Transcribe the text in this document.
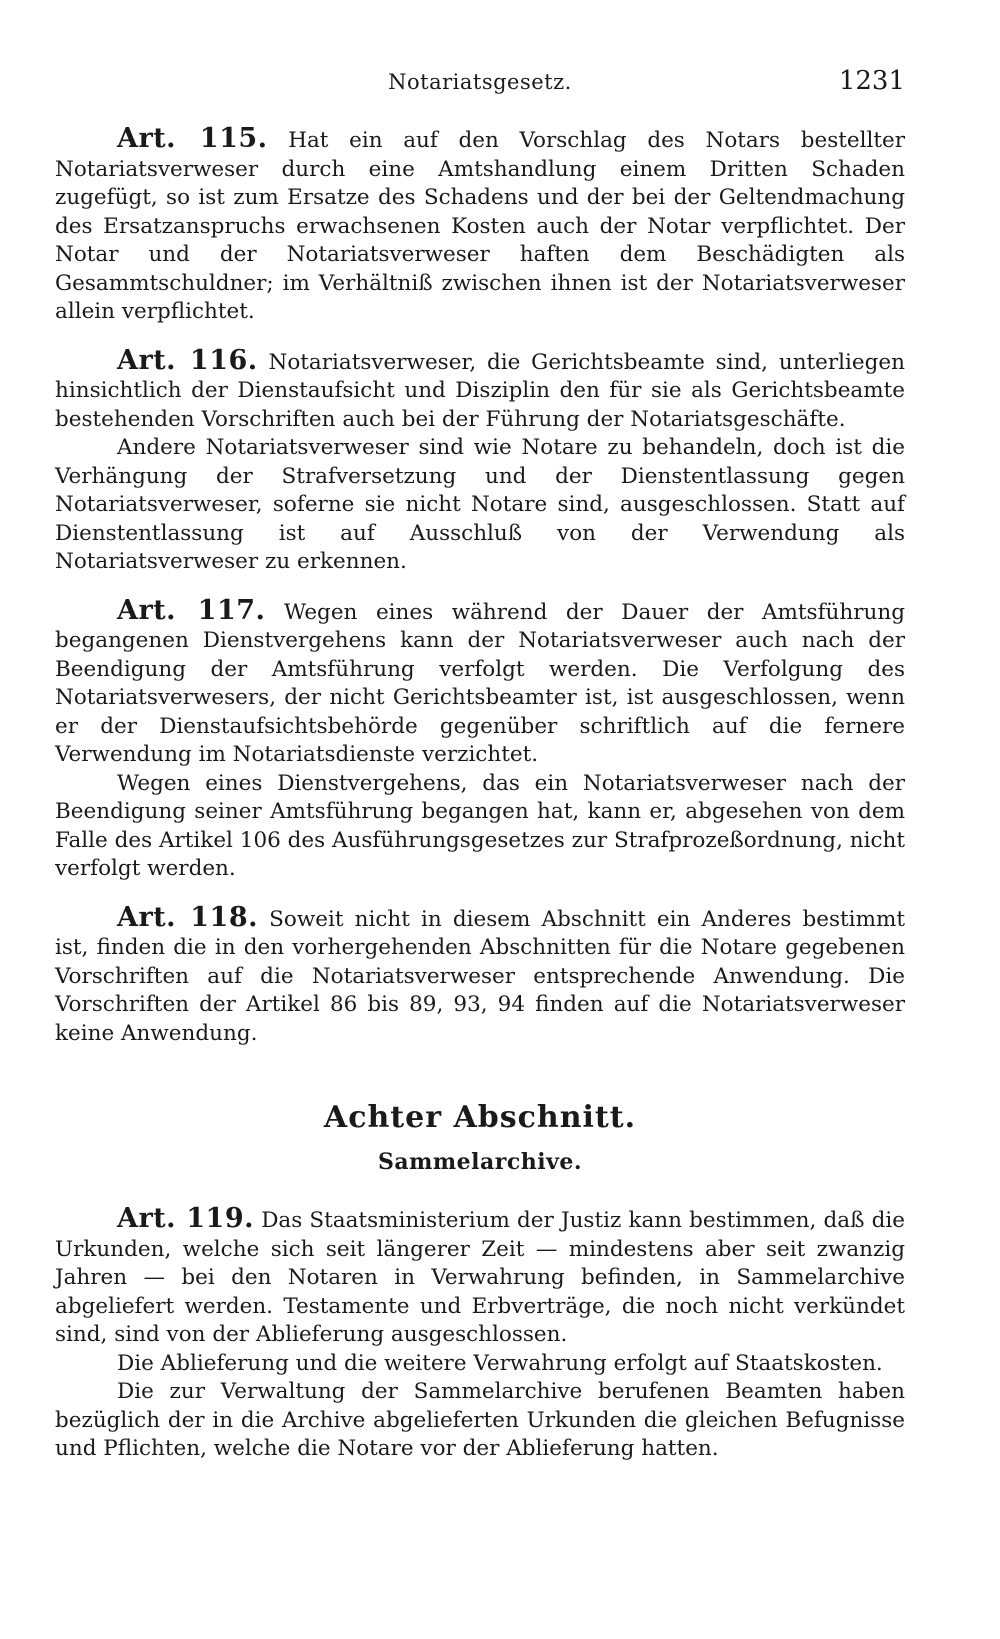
Notariatsgesetz.	1231

Art. 115. Hat ein auf den Vorschlag des Notars bestellter Notariatsverweser durch eine Amtshandlung einem Dritten Schaden zugefügt, so ist zum Ersatze des Schadens und der bei der Geltendmachung des Ersatzanspruchs erwachsenen Kosten auch der Notar verpflichtet. Der Notar und der Notariatsverweser haften dem Beschädigten als Gesammtschuldner; im Verhältniß zwischen ihnen ist der Notariatsverweser allein verpflichtet.

Art. 116. Notariatsverweser, die Gerichtsbeamte sind, unterliegen hinsichtlich der Dienstaufsicht und Disziplin den für sie als Gerichtsbeamte bestehenden Vorschriften auch bei der Führung der Notariatsgeschäfte.

Andere Notariatsverweser sind wie Notare zu behandeln, doch ist die Verhängung der Strafversetzung und der Dienstentlassung gegen Notariatsverweser, soferne sie nicht Notare sind, ausgeschlossen. Statt auf Dienstentlassung ist auf Ausschluß von der Verwendung als Notariatsverweser zu erkennen.

Art. 117. Wegen eines während der Dauer der Amtsführung begangenen Dienstvergehens kann der Notariatsverweser auch nach der Beendigung der Amtsführung verfolgt werden. Die Verfolgung des Notariatsverwesers, der nicht Gerichtsbeamter ist, ist ausgeschlossen, wenn er der Dienstaufsichtsbehörde gegenüber schriftlich auf die fernere Verwendung im Notariatsdienste verzichtet.

Wegen eines Dienstvergehens, das ein Notariatsverweser nach der Beendigung seiner Amtsführung begangen hat, kann er, abgesehen von dem Falle des Artikel 106 des Ausführungsgesetzes zur Strafprozeßordnung, nicht verfolgt werden.

Art. 118. Soweit nicht in diesem Abschnitt ein Anderes bestimmt ist, finden die in den vorhergehenden Abschnitten für die Notare gegebenen Vorschriften auf die Notariatsverweser entsprechende Anwendung. Die Vorschriften der Artikel 86 bis 89, 93, 94 finden auf die Notariatsverweser keine Anwendung.

Achter Abschnitt.
Sammelarchive.

Art. 119. Das Staatsministerium der Justiz kann bestimmen, daß die Urkunden, welche sich seit längerer Zeit — mindestens aber seit zwanzig Jahren — bei den Notaren in Verwahrung befinden, in Sammelarchive abgeliefert werden. Testamente und Erbverträge, die noch nicht verkündet sind, sind von der Ablieferung ausgeschlossen.

Die Ablieferung und die weitere Verwahrung erfolgt auf Staatskosten.

Die zur Verwaltung der Sammelarchive berufenen Beamten haben bezüglich der in die Archive abgelieferten Urkunden die gleichen Befugnisse und Pflichten, welche die Notare vor der Ablieferung hatten.
